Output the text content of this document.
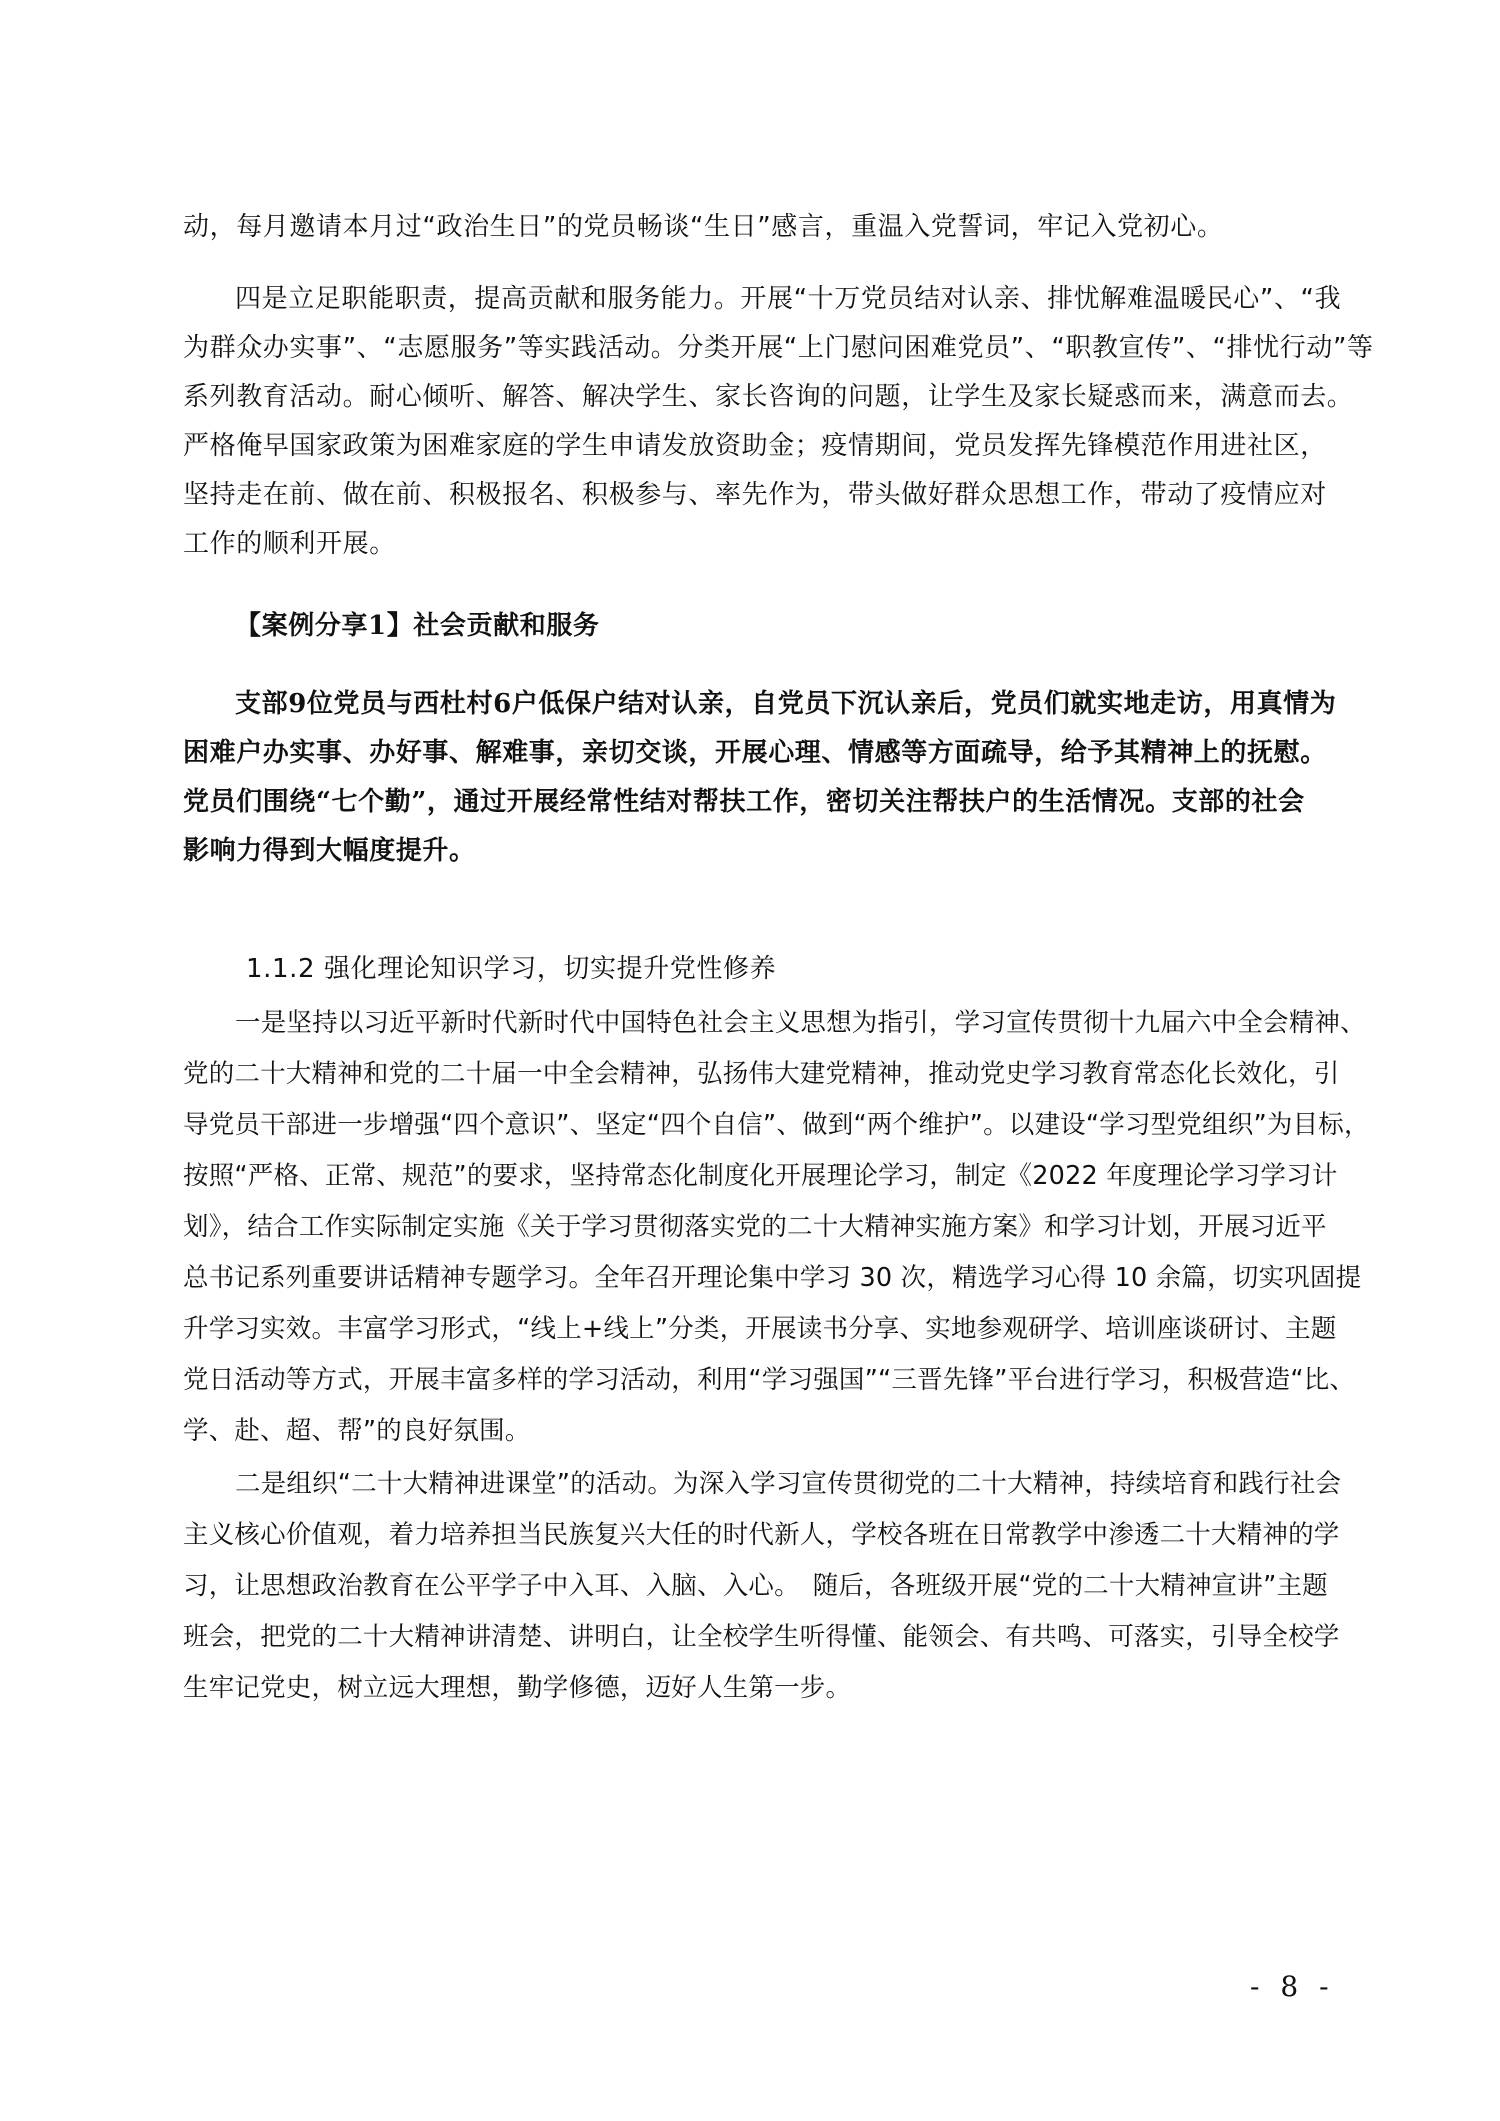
动，每月邀请本月过“政治生日”的党员畅谈“生日”感言，重温入党誓词，牢记入党初心。
四是立足职能职责，提高贡献和服务能力。开展“十万党员结对认亲、排忧解难温暖民心”、“我
为群众办实事”、“志愿服务”等实践活动。分类开展“上门慰问困难党员”、“职教宣传”、“排忧行动”等
系列教育活动。耐心倾听、解答、解决学生、家长咨询的问题，让学生及家长疑惑而来，满意而去。
严格俺早国家政策为困难家庭的学生申请发放资助金；疫情期间，党员发挥先锋模范作用进社区，
坚持走在前、做在前、积极报名、积极参与、率先作为，带头做好群众思想工作，带动了疫情应对
工作的顺利开展。
【案例分享1】社会贡献和服务
支部9位党员与西杜村6户低保户结对认亲，自党员下沉认亲后，党员们就实地走访，用真情为
困难户办实事、办好事、解难事，亲切交谈，开展心理、情感等方面疏导，给予其精神上的抚慰。
党员们围绕“七个勤”，通过开展经常性结对帮扶工作，密切关注帮扶户的生活情况。支部的社会
影响力得到大幅度提升。
1.1.2 强化理论知识学习，切实提升党性修养
一是坚持以习近平新时代新时代中国特色社会主义思想为指引，学习宣传贯彻十九届六中全会精神、
党的二十大精神和党的二十届一中全会精神，弘扬伟大建党精神，推动党史学习教育常态化长效化，引
导党员干部进一步增强“四个意识”、坚定“四个自信”、做到“两个维护”。以建设“学习型党组织”为目标，
按照“严格、正常、规范”的要求，坚持常态化制度化开展理论学习，制定《2022 年度理论学习学习计
划》，结合工作实际制定实施《关于学习贯彻落实党的二十大精神实施方案》和学习计划，开展习近平
总书记系列重要讲话精神专题学习。全年召开理论集中学习 30 次，精选学习心得 10 余篇，切实巩固提
升学习实效。丰富学习形式，“线上+线上”分类，开展读书分享、实地参观研学、培训座谈研讨、主题
党日活动等方式，开展丰富多样的学习活动，利用“学习强国”“三晋先锋”平台进行学习，积极营造“比、
学、赴、超、帮”的良好氛围。
二是组织“二十大精神进课堂”的活动。为深入学习宣传贯彻党的二十大精神，持续培育和践行社会
主义核心价值观，着力培养担当民族复兴大任的时代新人，学校各班在日常教学中渗透二十大精神的学
习，让思想政治教育在公平学子中入耳、入脑、入心。　随后，各班级开展“党的二十大精神宣讲”主题
班会，把党的二十大精神讲清楚、讲明白，让全校学生听得懂、能领会、有共鸣、可落实，引导全校学
生牢记党史，树立远大理想，勤学修德，迈好人生第一步。
- 8 -
